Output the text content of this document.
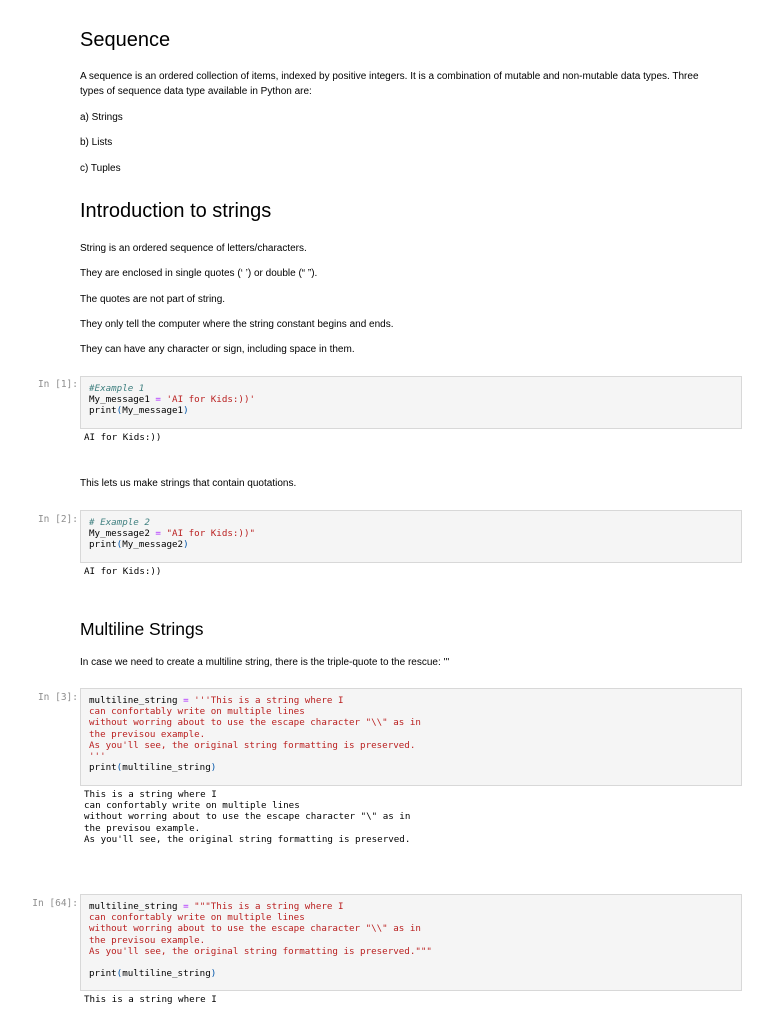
Sequence
A sequence is an ordered collection of items, indexed by positive integers. It is a combination of mutable and non-mutable data types. Three
types of sequence data type available in Python are:
a) Strings
b) Lists
c) Tuples
Introduction to strings
String is an ordered sequence of letters/characters.
They are enclosed in single quotes (‘ ’) or double (“ ”).
The quotes are not part of string.
They only tell the computer where the string constant begins and ends.
They can have any character or sign, including space in them.
In [1]:	#Example 1
My_message1 = 'AI for Kids:))'
print(My_message1)
AI for Kids:))
This lets us make strings that contain quotations.
In [2]:	# Example 2
My_message2 = "AI for Kids:))"
print(My_message2)
AI for Kids:))
Multiline Strings
In case we need to create a multiline string, there is the triple-quote to the rescue: '''
In [3]:	multiline_string = '''This is a string where I
can confortably write on multiple lines
without worring about to use the escape character "\\" as in
the previsou example.
As you'll see, the original string formatting is preserved.
'''
print(multiline_string)
This is a string where I
can confortably write on multiple lines
without worring about to use the escape character "\" as in
the previsou example.
As you'll see, the original string formatting is preserved.
In [64]:	multiline_string = """This is a string where I
can confortably write on multiple lines
without worring about to use the escape character "\\" as in
the previsou example.
As you'll see, the original string formatting is preserved."""

print(multiline_string)
This is a string where I
